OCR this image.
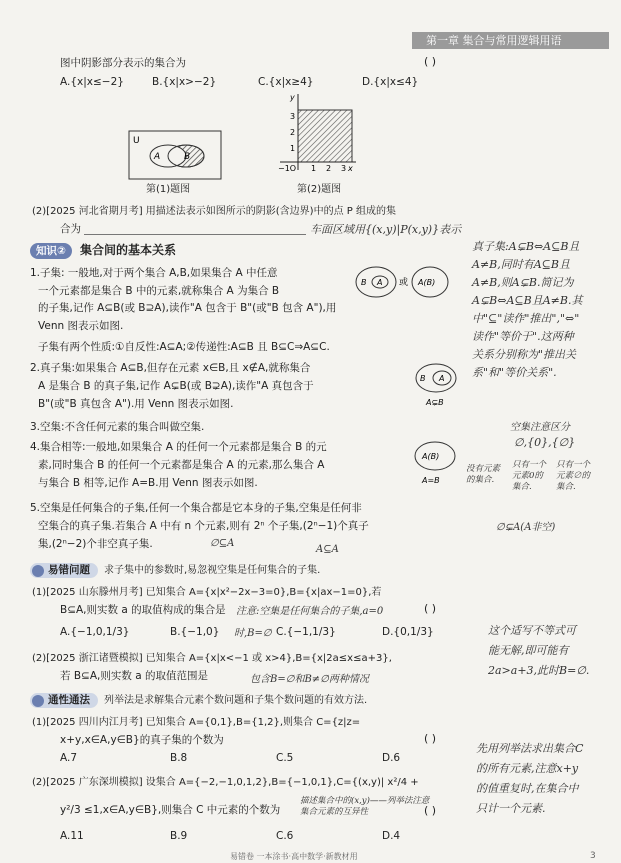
第一章 集合与常用逻辑用语
图中阴影部分表示的集合为	( )
A.{x|x≤−2}	B.{x|x>−2}	C.{x|x≥4}	D.{x|x≤4}
U
A	B
第(1)题图
y
3
2
1
−1O 1 2 3 x
第(2)题图
(2)[2025 河北省期月考] 用描述法表示如图所示的阴影(含边界)中的点 P 组成的集
合为	车面区域用{(x,y)|P(x,y)}表示
知识②	集合间的基本关系
1.子集: 一般地,对于两个集合 A,B,如果集合 A 中任意
一个元素都是集合 B 中的元素,就称集合 A 为集合 B
的子集,记作 A⊆B(或 B⊇A),读作"A 包含于 B"(或"B 包含 A"),用
Venn 图表示如图.
子集有两个性质:①自反性:A⊆A;②传递性:A⊆B 且 B⊆C⇒A⊆C.
B A 或 A(B)
2.真子集:如果集合 A⊆B,但存在元素 x∈B,且 x∉A,就称集合
A 是集合 B 的真子集,记作 A⊊B(或 B⊋A),读作"A 真包含于
B"(或"B 真包含 A").用 Venn 图表示如图.
B A
A⊊B
3.空集:不含任何元素的集合叫做空集.
4.集合相等:一般地,如果集合 A 的任何一个元素都是集合 B 的元
素,同时集合 B 的任何一个元素都是集合 A 的元素,那么集合 A
与集合 B 相等,记作 A=B.用 Venn 图表示如图.
A(B)
A=B
5.空集是任何集合的子集,任何一个集合都是它本身的子集,空集是任何非
空集合的真子集.若集合 A 中有 n 个元素,则有 2ⁿ 个子集,(2ⁿ−1)个真子
集,(2ⁿ−2)个非空真子集.	∅⊆A
A⊆A
∅⊊A(A非空)
真子集:A⊊B⇔A⊆B且
A≠B,同时有A⊆B且
A≠B,则A⊊B.简记为
A⊊B⇔A⊆B且A≠B.其
中"⊆"读作"推出","⇔"
读作"等价于".这两种
关系分别称为"推出关
系"和"等价关系".
空集注意区分
∅,{0},{∅}
没有元素
的集合.
只有一个
元素0的
集合.
只有一个
元素∅的
集合.
易错问题	求子集中的参数时,易忽视空集是任何集合的子集.
(1)[2025 山东滕州月考] 已知集合 A={x|x²−2x−3=0},B={x|ax−1=0},若
B⊆A,则实数 a 的取值构成的集合是 注意:空集是任何集合的子集,a=0	( )
A.{−1,0,1/3}	B.{−1,0} 时,B=∅ C.{−1,1/3}	D.{0,1/3}
(2)[2025 浙江诸暨模拟] 已知集合 A={x|x<−1 或 x>4},B={x|2a≤x≤a+3},
若 B⊆A,则实数 a 的取值范围是	包含B=∅和B≠∅两种情况
这个适写不等式可
能无解,即可能有
2a>a+3,此时B=∅.
通性通法	列举法是求解集合元素个数问题和子集个数问题的有效方法.
(1)[2025 四川内江月考] 已知集合 A={0,1},B={1,2},则集合 C={z|z=
x+y,x∈A,y∈B}的真子集的个数为	( )
A.7	B.8	C.5	D.6
(2)[2025 广东深圳模拟] 设集合 A={−2,−1,0,1,2},B={−1,0,1},C={(x,y)| x²/4 +
y²/3 ≤1,x∈A,y∈B},则集合 C 中元素的个数为
描述集合中的(x,y)——列举法注意集合元素的互异性	( )
A.11	B.9	C.6	D.4
先用列举法求出集合C
的所有元素,注意x+y
的值重复时,在集合中
只计一个元素.
易错卷 一本涂书·高中数学·新教材用	3
